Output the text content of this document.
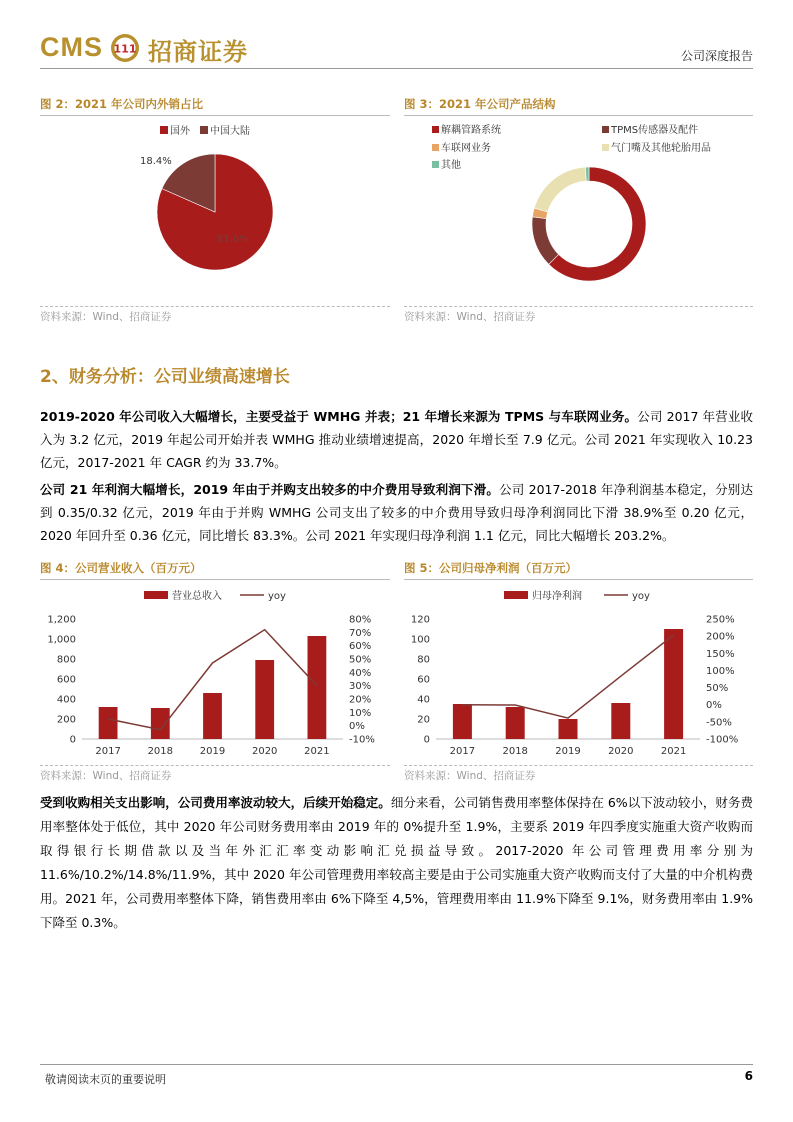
CMS 111 招商证券	公司深度报告
图 2：2021 年公司内外销占比
国外 中国大陆
81.6%
18.4%
资料来源：Wind、招商证券
图 3：2021 年公司产品结构
解耦管路系统	TPMS传感器及配件
车联网业务	气门嘴及其他轮胎用品
其他
资料来源：Wind、招商证券
2、财务分析：公司业绩高速增长
2019-2020 年公司收入大幅增长，主要受益于 WMHG 并表；21 年增长来源为 TPMS 与车联网业务。公司 2017 年营业收入为 3.2 亿元，2019 年起公司开始并表 WMHG 推动业绩增速提高，2020 年增长至 7.9 亿元。公司 2021 年实现收入 10.23 亿元，2017-2021 年 CAGR 约为 33.7%。
公司 21 年利润大幅增长，2019 年由于并购支出较多的中介费用导致利润下滑。公司 2017-2018 年净利润基本稳定，分别达到 0.35/0.32 亿元，2019 年由于并购 WMHG 公司支出了较多的中介费用导致归母净利润同比下滑 38.9%至 0.20 亿元，2020 年回升至 0.36 亿元，同比增长 83.3%。公司 2021 年实现归母净利润 1.1 亿元，同比大幅增长 203.2%。
图 4：公司营业收入（百万元）
营业总收入	yoy
0
200
400
600
800
1,000
1,200
-10%
0%
10%
20%
30%
40%
50%
60%
70%
80%
2017	2018	2019	2020	2021
资料来源：Wind、招商证券
图 5：公司归母净利润（百万元）
归母净利润	yoy
0
20
40
60
80
100
120
-100%
-50%
0%
50%
100%
150%
200%
250%
2017	2018	2019	2020	2021
资料来源：Wind、招商证券
受到收购相关支出影响，公司费用率波动较大，后续开始稳定。细分来看，公司销售费用率整体保持在 6%以下波动较小，财务费用率整体处于低位，其中 2020 年公司财务费用率由 2019 年的 0%提升至 1.9%，主要系 2019 年四季度实施重大资产收购而取得银行长期借款以及当年外汇汇率变动影响汇兑损益导致。2017-2020 年公司管理费用率分别为 11.6%/10.2%/14.8%/11.9%，其中 2020 年公司管理费用率较高主要是由于公司实施重大资产收购而支付了大量的中介机构费用。2021 年，公司费用率整体下降，销售费用率由 6%下降至 4,5%，管理费用率由 11.9%下降至 9.1%，财务费用率由 1.9%下降至 0.3%。
敬请阅读末页的重要说明	6
